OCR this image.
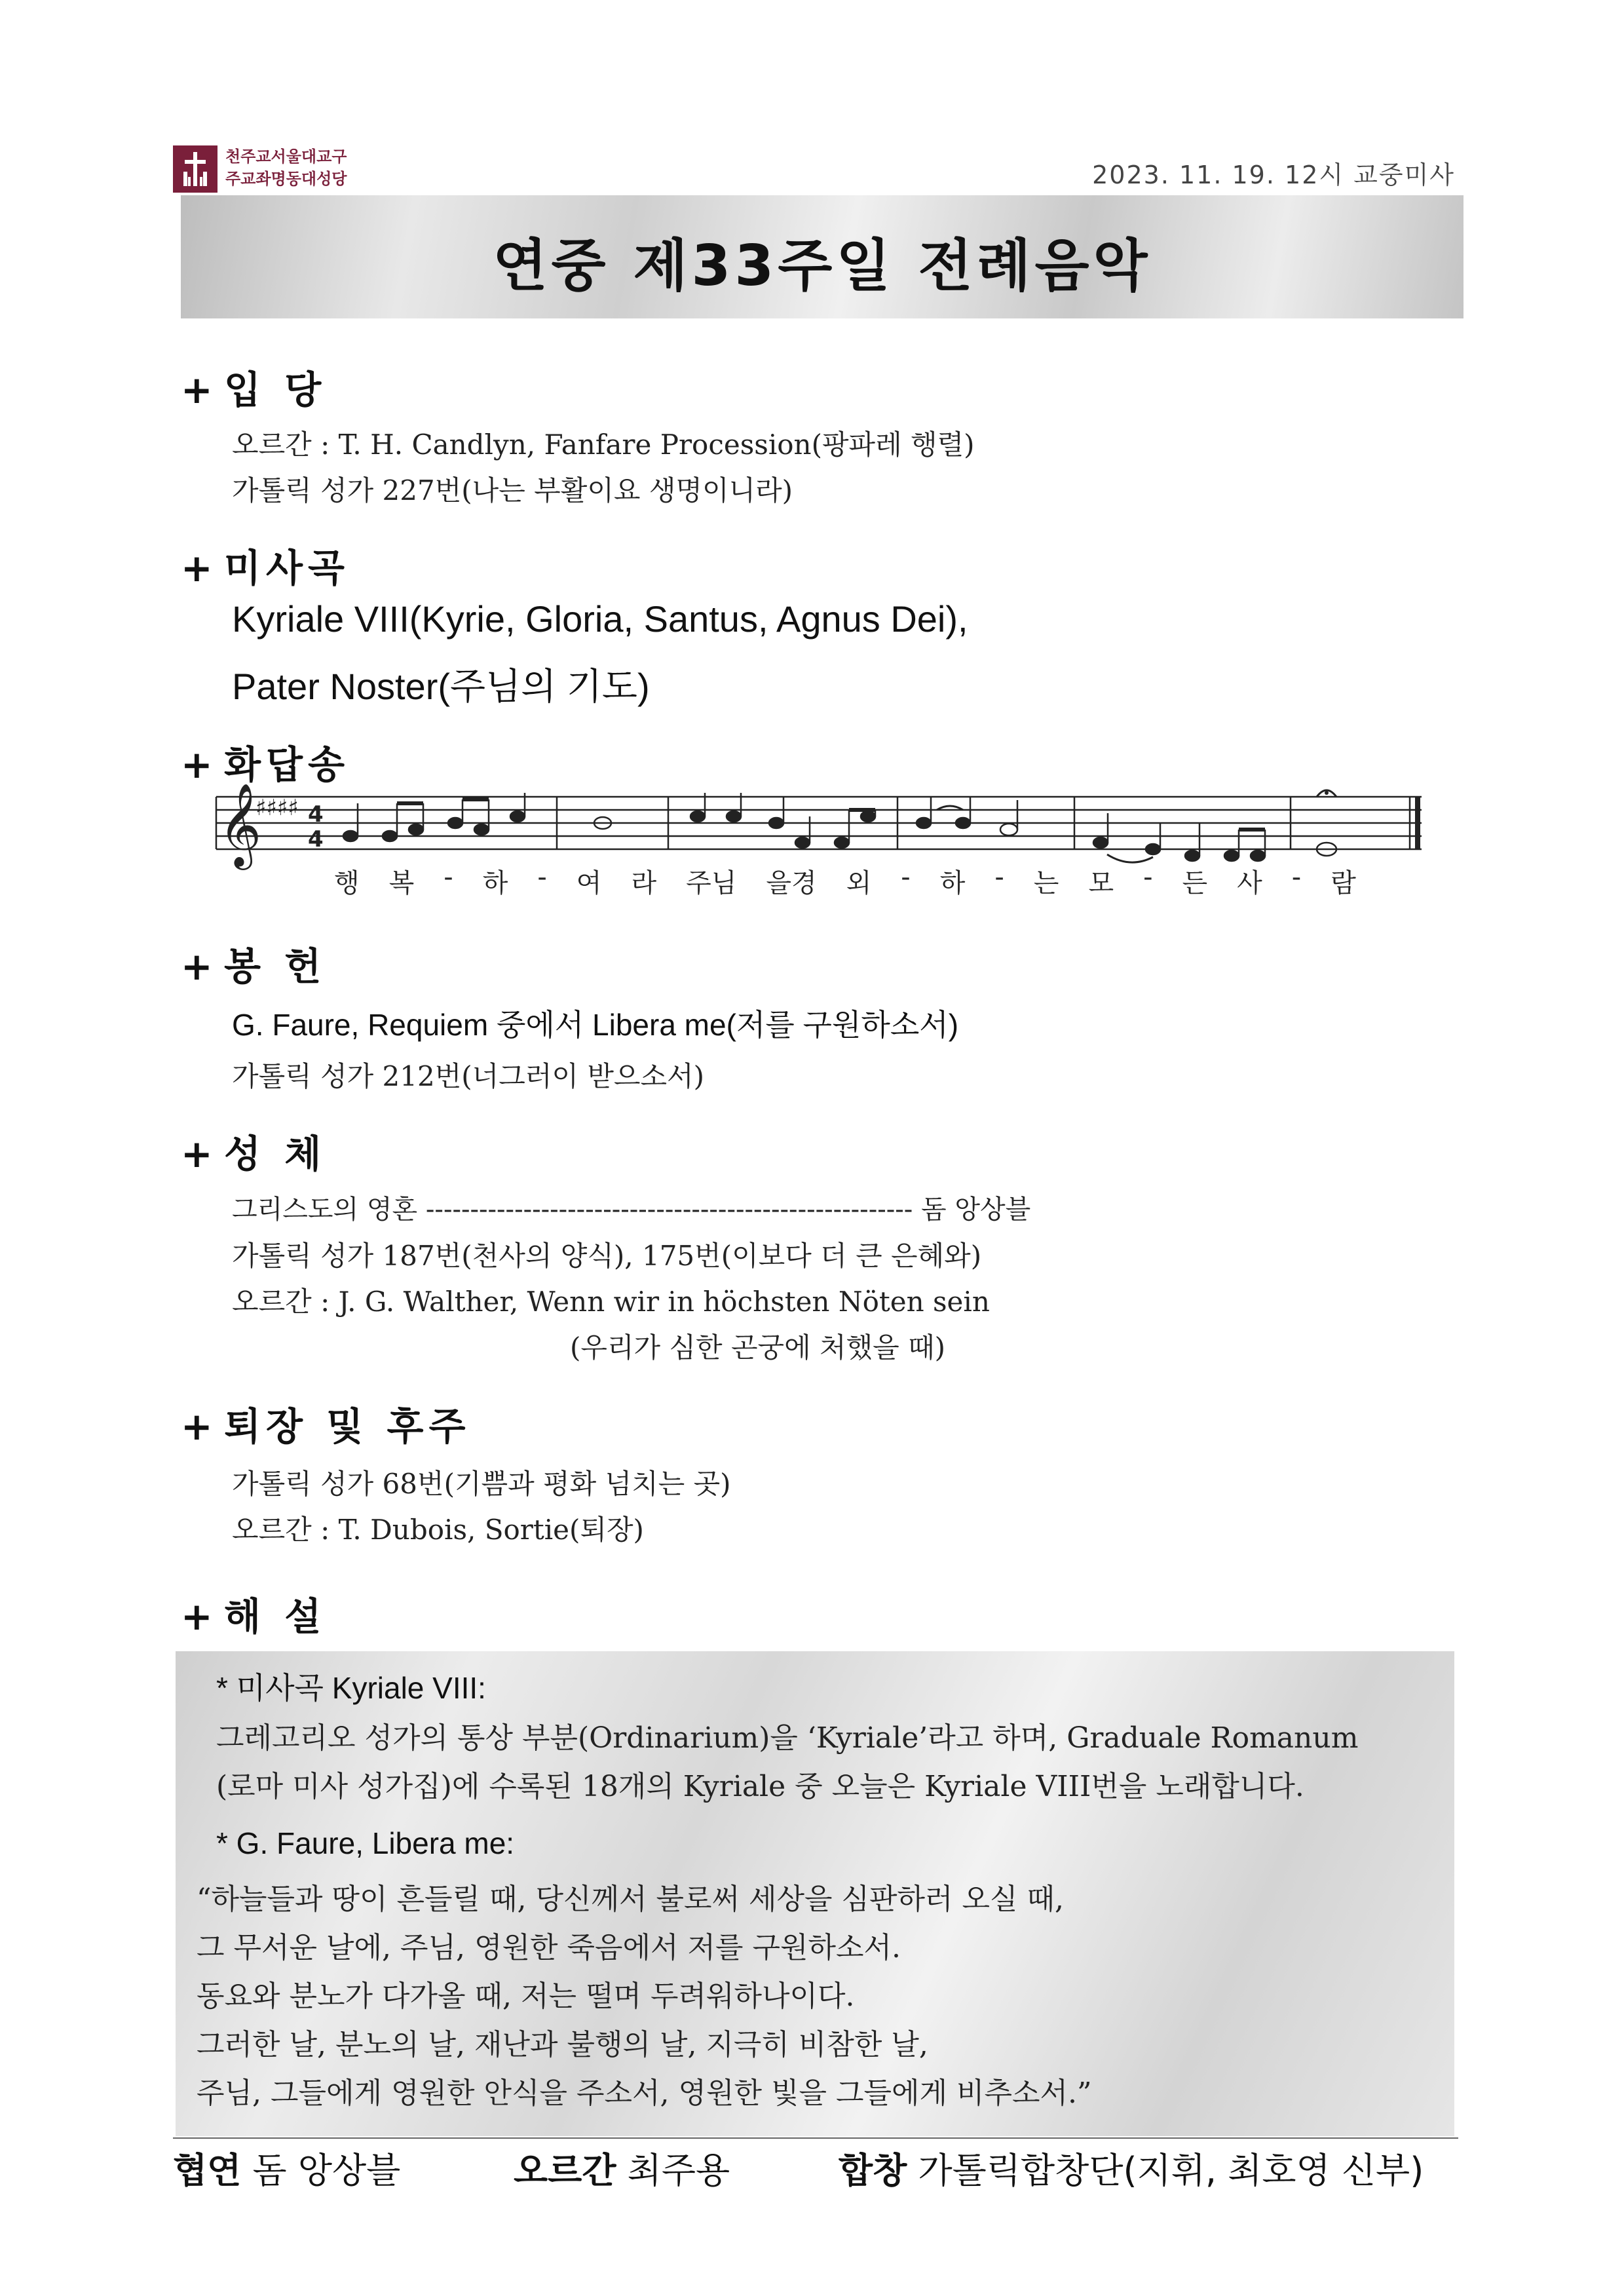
천주교서울대교구
주교좌명동대성당	2023. 11. 19. 12시 교중미사
연중 제33주일 전례음악
+ 입 당
오르간 : T. H. Candlyn, Fanfare Procession(팡파레 행렬)
가톨릭 성가 227번(나는 부활이요 생명이니라)
+ 미사곡
Kyriale VIII(Kyrie, Gloria, Santus, Agnus Dei),
Pater Noster(주님의 기도)
+ 화답송
𝄞
♯♯♯♯ 4
4
행 복 - 하 - 여 라 주님 을경 외 - 하 - 는 모 - 든 사 - 람
+ 봉 헌
G. Faure, Requiem 중에서 Libera me(저를 구원하소서)
가톨릭 성가 212번(너그러이 받으소서)
+ 성 체
그리스도의 영혼 ------------------------------------------------------- 돔 앙상블
가톨릭 성가 187번(천사의 양식), 175번(이보다 더 큰 은혜와)
오르간 : J. G. Walther, Wenn wir in höchsten Nöten sein
(우리가 심한 곤궁에 처했을 때)
+ 퇴장 및 후주
가톨릭 성가 68번(기쁨과 평화 넘치는 곳)
오르간 : T. Dubois, Sortie(퇴장)
+ 해 설
* 미사곡 Kyriale VIII:
그레고리오 성가의 통상 부분(Ordinarium)을 ‘Kyriale’라고 하며, Graduale Romanum
(로마 미사 성가집)에 수록된 18개의 Kyriale 중 오늘은 Kyriale VIII번을 노래합니다.
* G. Faure, Libera me:
“하늘들과 땅이 흔들릴 때, 당신께서 불로써 세상을 심판하러 오실 때,
그 무서운 날에, 주님, 영원한 죽음에서 저를 구원하소서.
동요와 분노가 다가올 때, 저는 떨며 두려워하나이다.
그러한 날, 분노의 날, 재난과 불행의 날, 지극히 비참한 날,
주님, 그들에게 영원한 안식을 주소서, 영원한 빛을 그들에게 비추소서.”
협연 돔 앙상블	오르간 최주용	합창 가톨릭합창단(지휘, 최호영 신부)
